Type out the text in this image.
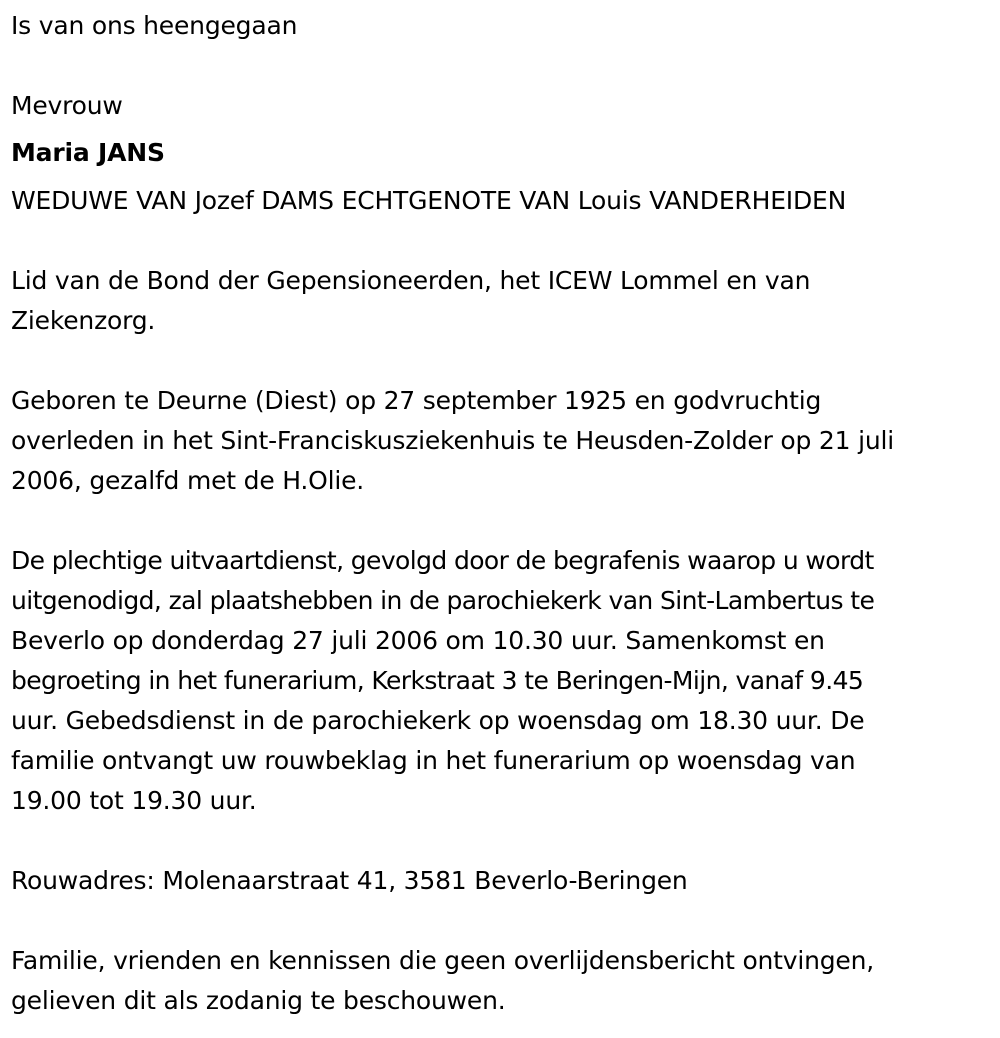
Is van ons heengegaan
Mevrouw
Maria JANS
WEDUWE VAN Jozef DAMS ECHTGENOTE VAN Louis VANDERHEIDEN
Lid van de Bond der Gepensioneerden, het ICEW Lommel en van
Ziekenzorg.
Geboren te Deurne (Diest) op 27 september 1925 en godvruchtig
overleden in het Sint-Franciskusziekenhuis te Heusden-Zolder op 21 juli
2006, gezalfd met de H.Olie.
De plechtige uitvaartdienst, gevolgd door de begrafenis waarop u wordt
uitgenodigd, zal plaatshebben in de parochiekerk van Sint-Lambertus te
Beverlo op donderdag 27 juli 2006 om 10.30 uur. Samenkomst en
begroeting in het funerarium, Kerkstraat 3 te Beringen-Mijn, vanaf 9.45
uur. Gebedsdienst in de parochiekerk op woensdag om 18.30 uur. De
familie ontvangt uw rouwbeklag in het funerarium op woensdag van
19.00 tot 19.30 uur.
Rouwadres: Molenaarstraat 41, 3581 Beverlo-Beringen
Familie, vrienden en kennissen die geen overlijdensbericht ontvingen,
gelieven dit als zodanig te beschouwen.
